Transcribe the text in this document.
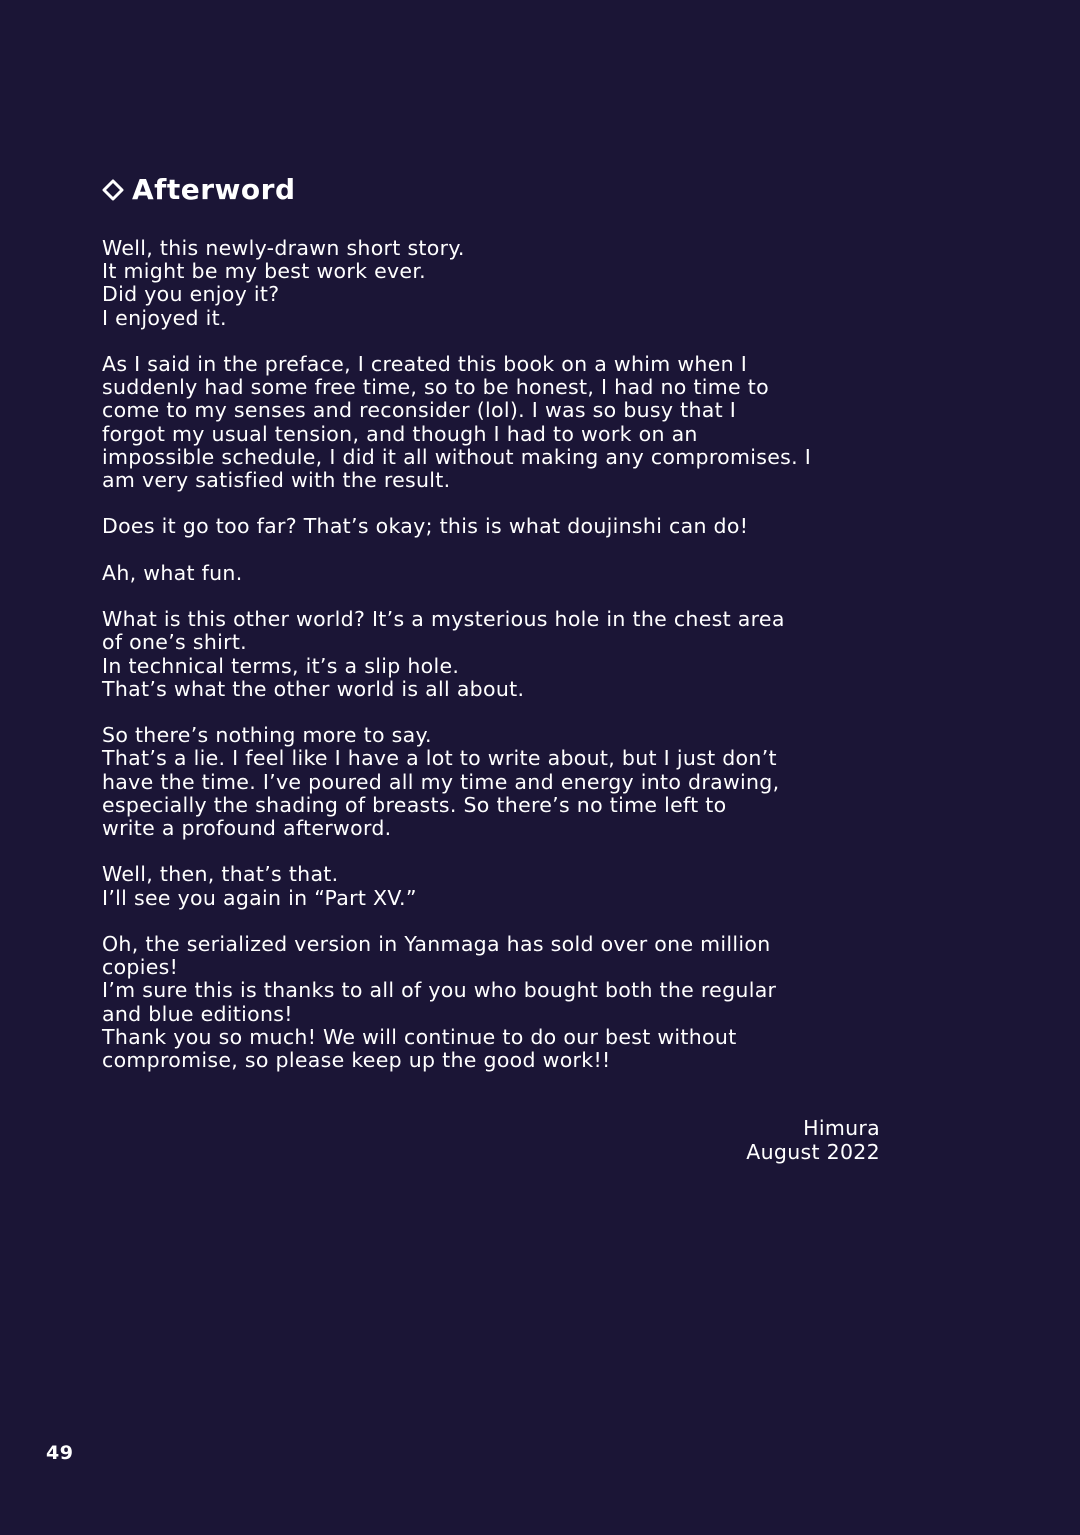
Afterword
Well, this newly-drawn short story.
It might be my best work ever.
Did you enjoy it?
I enjoyed it.
As I said in the preface, I created this book on a whim when I
suddenly had some free time, so to be honest, I had no time to
come to my senses and reconsider (lol). I was so busy that I
forgot my usual tension, and though I had to work on an
impossible schedule, I did it all without making any compromises. I
am very satisfied with the result.
Does it go too far? That’s okay; this is what doujinshi can do!
Ah, what fun.
What is this other world? It’s a mysterious hole in the chest area
of one’s shirt.
In technical terms, it’s a slip hole.
That’s what the other world is all about.
So there’s nothing more to say.
That’s a lie. I feel like I have a lot to write about, but I just don’t
have the time. I’ve poured all my time and energy into drawing,
especially the shading of breasts. So there’s no time left to
write a profound afterword.
Well, then, that’s that.
I’ll see you again in “Part XV.”
Oh, the serialized version in Yanmaga has sold over one million
copies!
I’m sure this is thanks to all of you who bought both the regular
and blue editions!
Thank you so much! We will continue to do our best without
compromise, so please keep up the good work!!
Himura
August 2022
49
